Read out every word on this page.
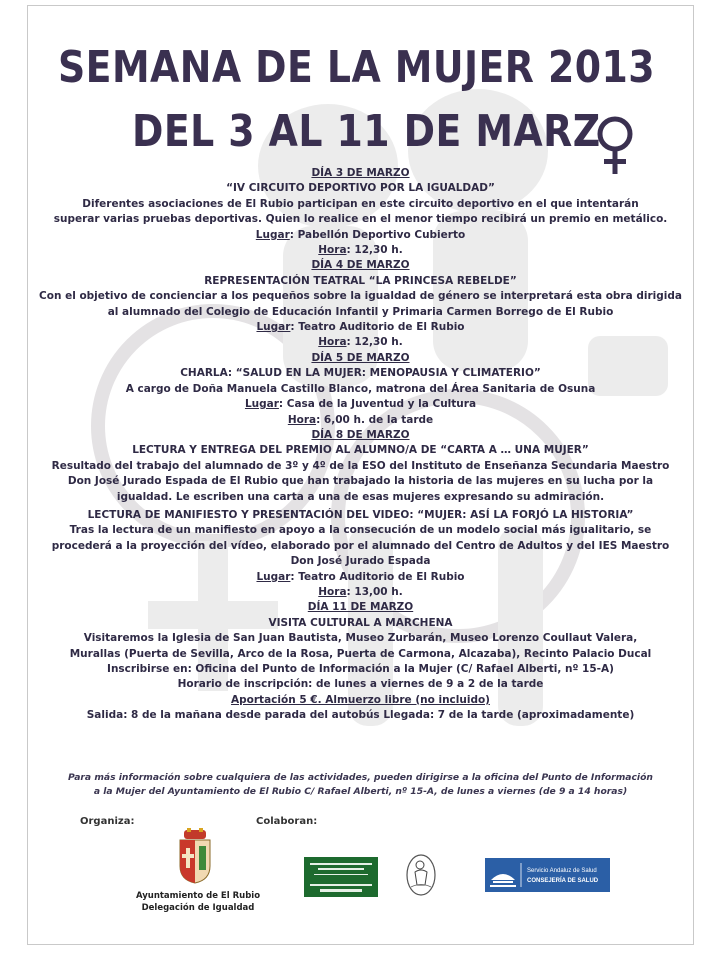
SEMANA DE LA MUJER 2013
DEL 3 AL 11 DE MARZ

DÍA 3 DE MARZO

“IV CIRCUITO DEPORTIVO POR LA IGUALDAD”

Diferentes asociaciones de El Rubio participan en este circuito deportivo en el que intentarán

superar varias pruebas deportivas. Quien lo realice en el menor tiempo recibirá un premio en metálico.

Lugar: Pabellón Deportivo Cubierto

Hora: 12,30 h.

DÍA 4 DE MARZO

REPRESENTACIÓN TEATRAL “LA PRINCESA REBELDE”

Con el objetivo de concienciar a los pequeños sobre la igualdad de género se interpretará esta obra dirigida

al alumnado del Colegio de Educación Infantil y Primaria Carmen Borrego de El Rubio

Lugar: Teatro Auditorio de El Rubio

Hora: 12,30 h.

DÍA 5 DE MARZO

CHARLA: “SALUD EN LA MUJER: MENOPAUSIA Y CLIMATERIO”

A cargo de Doña Manuela Castillo Blanco, matrona del Área Sanitaria de Osuna

Lugar: Casa de la Juventud y la Cultura

Hora: 6,00 h. de la tarde

DÍA 8 DE MARZO

LECTURA Y ENTREGA DEL PREMIO AL ALUMNO/A DE “CARTA A … UNA MUJER”

Resultado del trabajo del alumnado de 3º y 4º de la ESO del Instituto de Enseñanza Secundaria Maestro

Don José Jurado Espada de El Rubio que han trabajado la historia de las mujeres en su lucha por la

igualdad. Le escriben una carta a una de esas mujeres expresando su admiración.

LECTURA DE MANIFIESTO Y PRESENTACIÓN DEL VIDEO: “MUJER: ASÍ LA FORJÓ LA HISTORIA”

Tras la lectura de un manifiesto en apoyo a la consecución de un modelo social más igualitario, se

procederá a la proyección del vídeo, elaborado por el alumnado del Centro de Adultos y del IES Maestro

Don José Jurado Espada

Lugar: Teatro Auditorio de El Rubio

Hora: 13,00 h.

DÍA 11 DE MARZO

VISITA CULTURAL A MARCHENA

Visitaremos la Iglesia de San Juan Bautista, Museo Zurbarán, Museo Lorenzo Coullaut Valera,

Murallas (Puerta de Sevilla, Arco de la Rosa, Puerta de Carmona, Alcazaba), Recinto Palacio Ducal

Inscribirse en: Oficina del Punto de Información a la Mujer (C/ Rafael Alberti, nº 15-A)

Horario de inscripción: de lunes a viernes de 9 a 2 de la tarde

Aportación 5 €. Almuerzo libre (no incluido)

Salida: 8 de la mañana desde parada del autobús Llegada: 7 de la tarde (aproximadamente)

Para más información sobre cualquiera de las actividades, pueden dirigirse a la oficina del Punto de Información
a la Mujer del Ayuntamiento de El Rubio C/ Rafael Alberti, nº 15-A, de lunes a viernes (de 9 a 14 horas)
Organiza:	Colaboran:
Ayuntamiento de El Rubio
Delegación de Igualdad
Servicio Andaluz de Salud
CONSEJERÍA DE SALUD
